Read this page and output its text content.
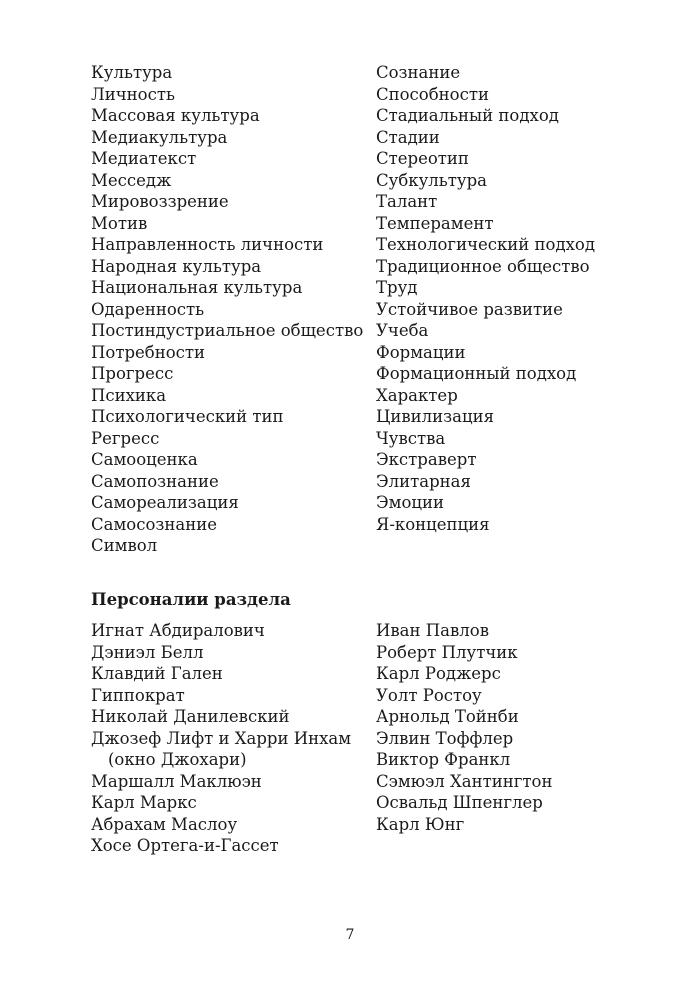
Культура
Личность
Массовая культура
Медиакультура
Медиатекст
Месседж
Мировоззрение
Мотив
Направленность личности
Народная культура
Национальная культура
Одаренность
Постиндустриальное общество
Потребности
Прогресс
Психика
Психологический тип
Регресс
Самооценка
Самопознание
Самореализация
Самосознание
Символ
Сознание
Способности
Стадиальный подход
Стадии
Стереотип
Субкультура
Талант
Темперамент
Технологический подход
Традиционное общество
Труд
Устойчивое развитие
Учеба
Формации
Формационный подход
Характер
Цивилизация
Чувства
Экстраверт
Элитарная
Эмоции
Я-концепция
Персоналии раздела
Игнат Абдиралович
Дэниэл Белл
Клавдий Гален
Гиппократ
Николай Данилевский
Джозеф Лифт и Харри Инхам
(окно Джохари)
Маршалл Маклюэн
Карл Маркс
Абрахам Маслоу
Хосе Ортега-и-Гассет
Иван Павлов
Роберт Плутчик
Карл Роджерс
Уолт Ростоу
Арнольд Тойнби
Элвин Тоффлер
Виктор Франкл
Сэмюэл Хантингтон
Освальд Шпенглер
Карл Юнг
7
